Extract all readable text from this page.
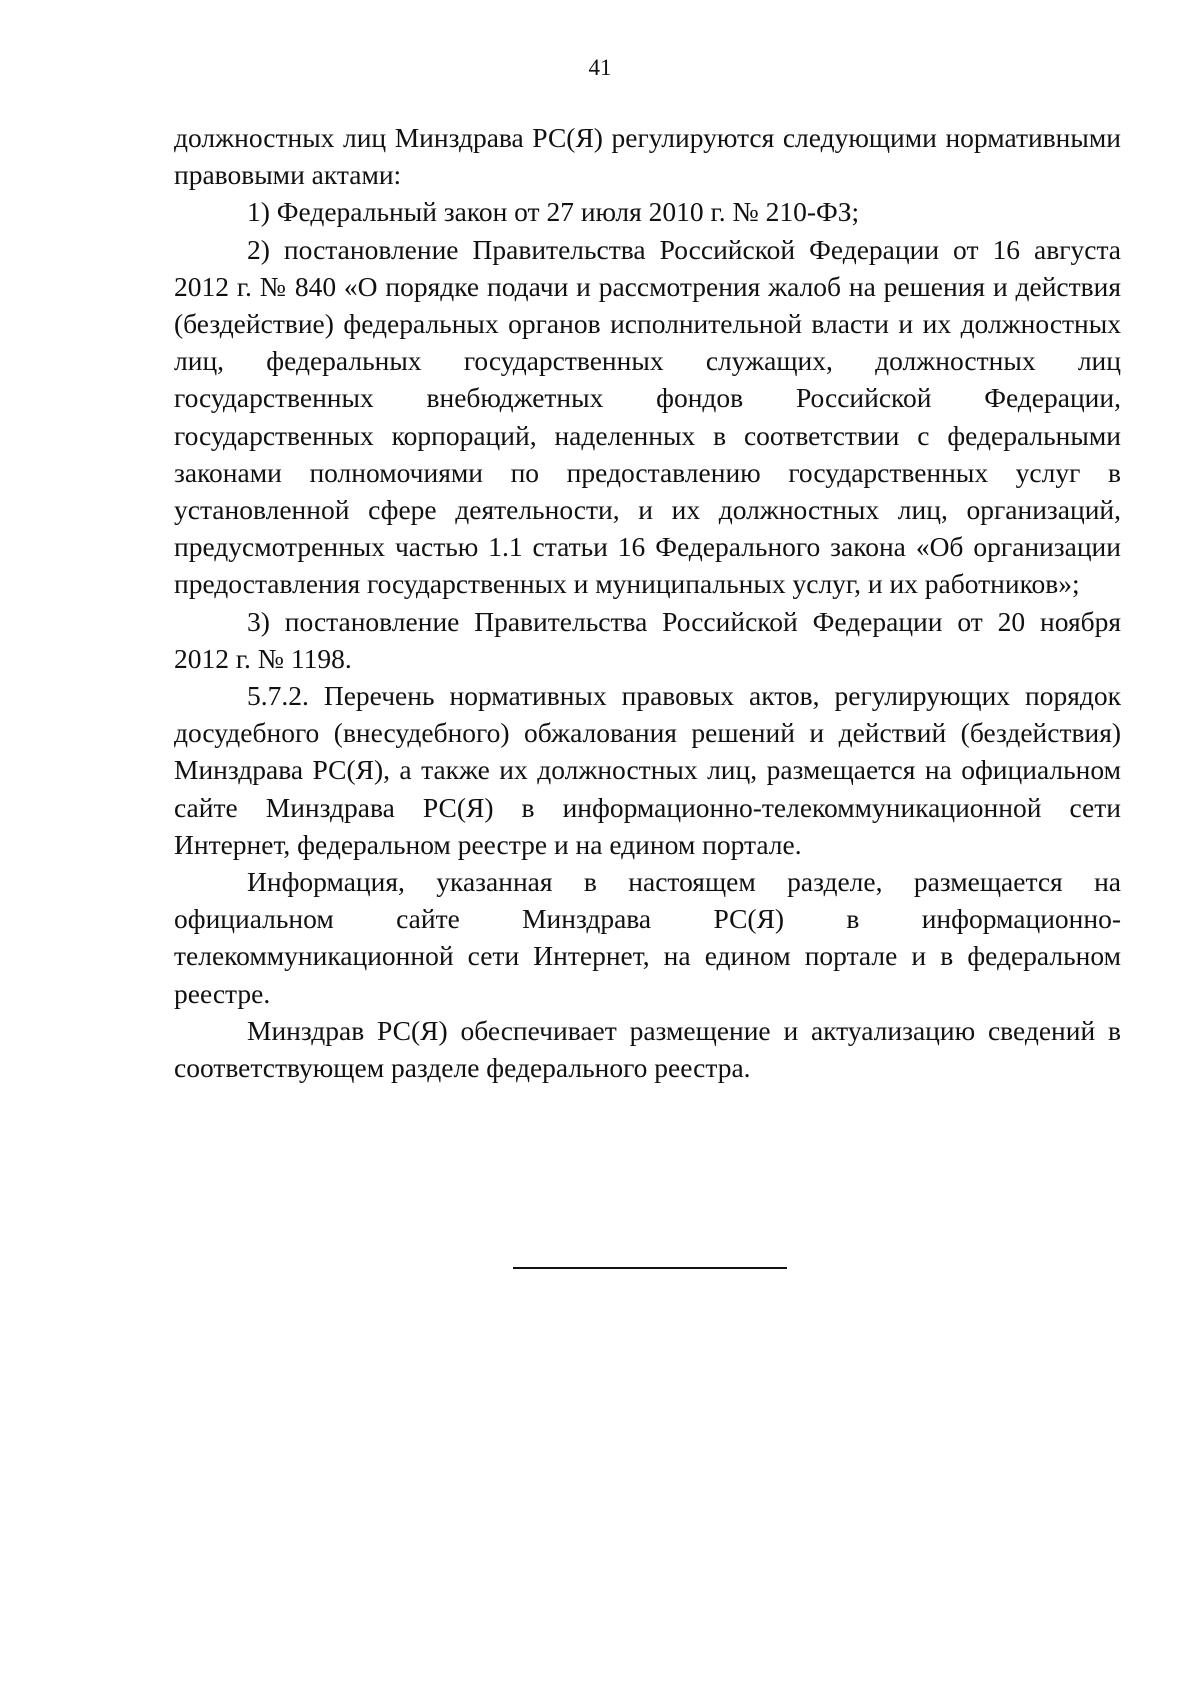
41

должностных лиц Минздрава РС(Я) регулируются следующими нормативными правовыми актами:

1) Федеральный закон от 27 июля 2010 г. № 210-ФЗ;

2) постановление Правительства Российской Федерации от 16 августа 2012 г. № 840 «О порядке подачи и рассмотрения жалоб на решения и действия (бездействие) федеральных органов исполнительной власти и их должностных лиц, федеральных государственных служащих, должностных лиц государственных внебюджетных фондов Российской Федерации, государственных корпораций, наделенных в соответствии с федеральными законами полномочиями по предоставлению государственных услуг в установленной сфере деятельности, и их должностных лиц, организаций, предусмотренных частью 1.1 статьи 16 Федерального закона «Об организации предоставления государственных и муниципальных услуг, и их работников»;

3) постановление Правительства Российской Федерации от 20 ноября 2012 г. № 1198.

5.7.2. Перечень нормативных правовых актов, регулирующих порядок досудебного (внесудебного) обжалования решений и действий (бездействия) Минздрава РС(Я), а также их должностных лиц, размещается на официальном сайте Минздрава РС(Я) в информационно-телекоммуникационной сети Интернет, федеральном реестре и на едином портале.

Информация, указанная в настоящем разделе, размещается на официальном сайте Минздрава РС(Я) в информационно-телекоммуникационной сети Интернет, на едином портале и в федеральном реестре.

Минздрав РС(Я) обеспечивает размещение и актуализацию сведений в соответствующем разделе федерального реестра.
